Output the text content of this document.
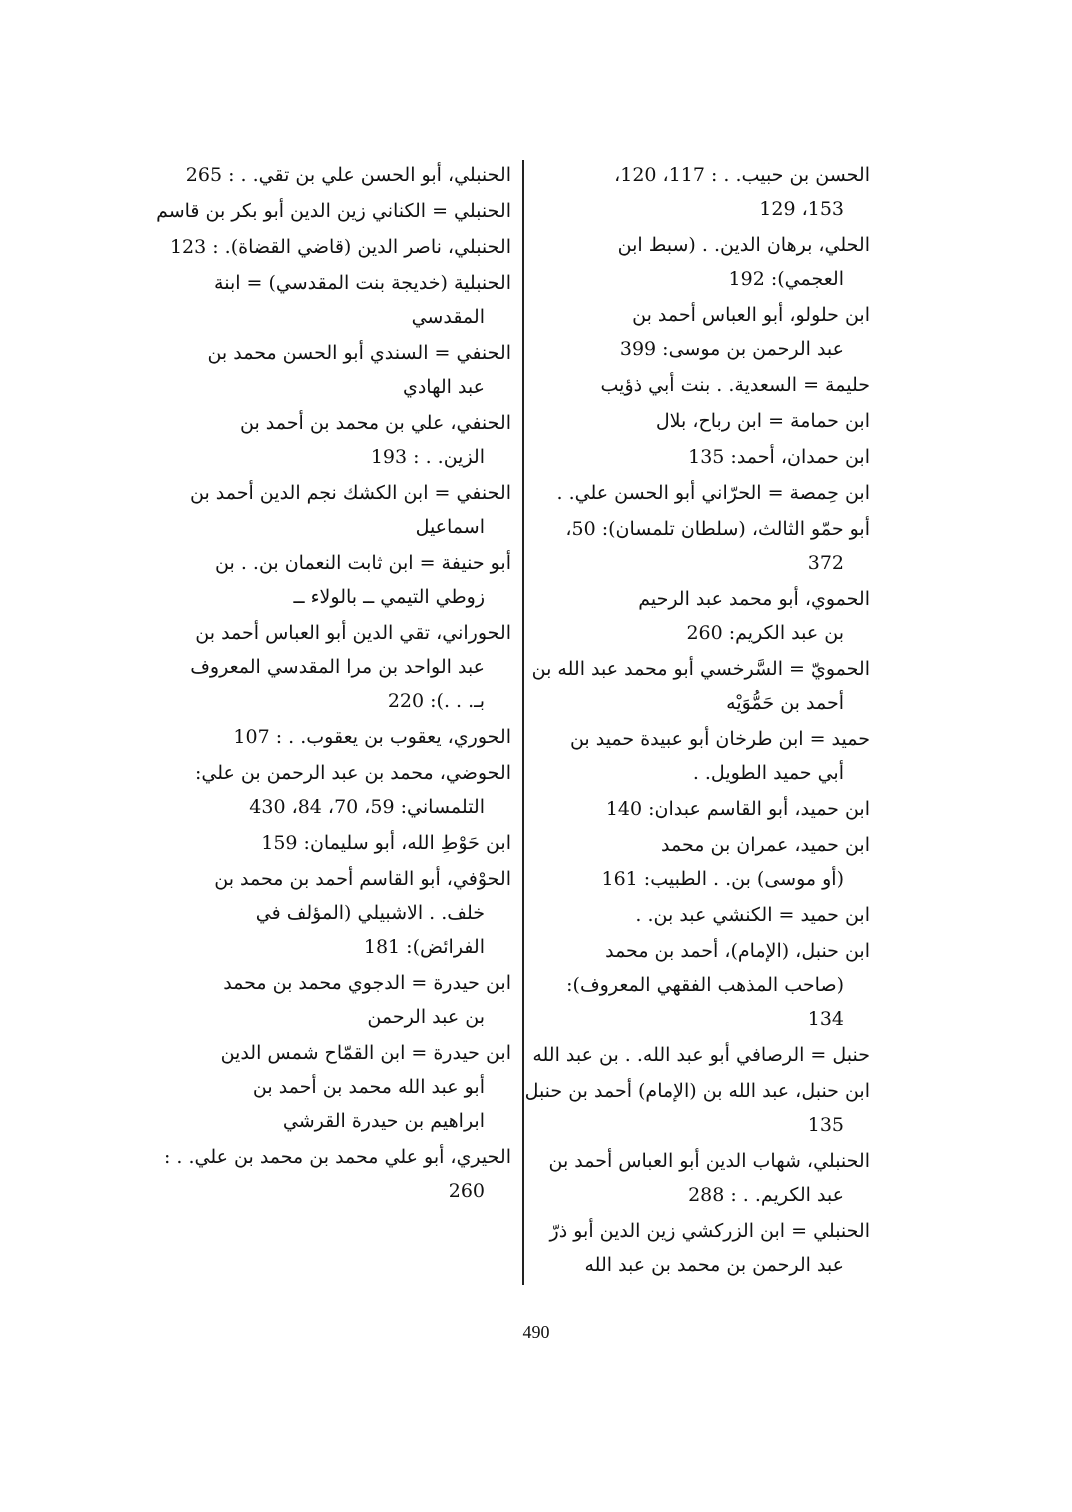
الحسن بن حبيب. . : 117، 120،
153، 129
الحلي، برهان الدين. . (سبط ابن
العجمي): 192
ابن حلولو، أبو العباس أحمد بن
عبد الرحمن بن موسى: 399
حليمة = السعدية. . بنت أبي ذؤيب
ابن حمامة = ابن رباح، بلال
ابن حمدان، أحمد: 135
ابن حِمصة = الحرّاني أبو الحسن علي. .
أبو حمّو الثالث، (سلطان تلمسان): 50،
372
الحموي، أبو محمد عبد الرحيم
بن عبد الكريم: 260
الحمويّ = السَّرخسي أبو محمد عبد الله بن
أحمد بن حَمُّوَيْه
حميد = ابن طرخان أبو عبيدة حميد بن
أبي حميد الطويل. .
ابن حميد، أبو القاسم عبدان: 140
ابن حميد، عمران بن محمد
(أو موسى) بن. . الطبيب: 161
ابن حميد = الكنشي عبد بن. .
ابن حنبل، (الإمام)، أحمد بن محمد
(صاحب المذهب الفقهي المعروف):
134
حنبل = الرصافي أبو عبد الله. . بن عبد الله
ابن حنبل، عبد الله بن (الإمام) أحمد بن حنبل
135
الحنبلي، شهاب الدين أبو العباس أحمد بن
عبد الكريم. . : 288
الحنبلي = ابن الزركشي زين الدين أبو ذرّ
عبد الرحمن بن محمد بن عبد الله
الحنبلي، أبو الحسن علي بن تقي. . : 265
الحنبلي = الكناني زين الدين أبو بكر بن قاسم
الحنبلي، ناصر الدين (قاضي القضاة). : 123
الحنبلية (خديجة بنت المقدسي) = ابنة
المقدسي
الحنفي = السندي أبو الحسن محمد بن
عبد الهادي
الحنفي، علي بن محمد بن أحمد بن
الزين. . : 193
الحنفي = ابن الكشك نجم الدين أحمد بن
اسماعيل
أبو حنيفة = ابن ثابت النعمان بن. . بن
زوطي التيمي ــ بالولاء ــ
الحوراني، تقي الدين أبو العباس أحمد بن
عبد الواحد بن مرا المقدسي المعروف
بـ. . .): 220
الحوري، يعقوب بن يعقوب. . : 107
الحوضي، محمد بن عبد الرحمن بن علي:
التلمساني: 59، 70، 84، 430
ابن حَوْطِ الله، أبو سليمان: 159
الحوْفي، أبو القاسم أحمد بن محمد بن
خلف. . الاشبيلي (المؤلف في
الفرائض): 181
ابن حيدرة = الدجوي محمد بن محمد
بن عبد الرحمن
ابن حيدرة = ابن القمّاح شمس الدين
أبو عبد الله محمد بن أحمد بن
ابراهيم بن حيدرة القرشي
الحيري، أبو علي محمد بن محمد بن علي. . :
260
490
